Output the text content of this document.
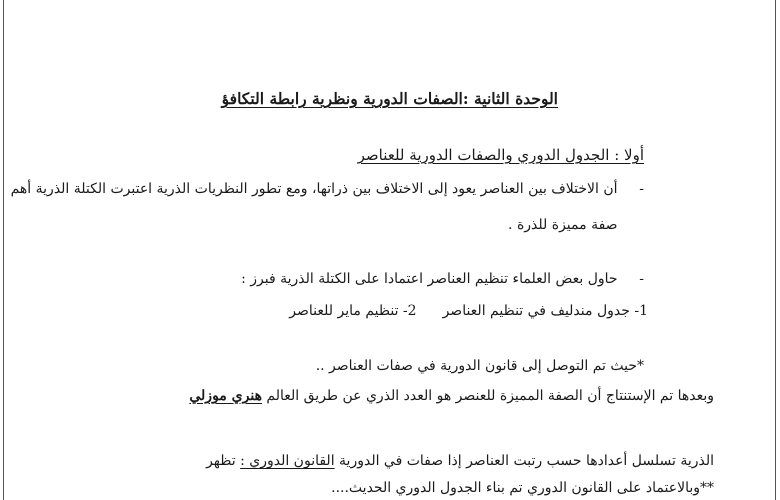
الوحدة الثانية :الصفات الدورية ونظرية رابطة التكافؤ
أولا : الجدول الدوري والصفات الدورية للعناصر
- أن الاختلاف بين العناصر يعود إلى الاختلاف بين ذراتها، ومع تطور النظريات الذرية اعتبرت الكتلة الذرية أهم
صفة مميزة للذرة .
- حاول بعض العلماء تنظيم العناصر اعتمادا على الكتلة الذرية فبرز :
1- جدول مندليف في تنظيم العناصر2- تنظيم ماير للعناصر
*حيث تم التوصل إلى قانون الدورية في صفات العناصر ..
وبعدها تم الإستنتاج أن الصفة المميزة للعنصر هو العدد الذري عن طريق العالم هنري موزلي
الذرية تسلسل أعدادها حسب رتبت العناصر إذا صفات في الدورية القانون الدوري : تظهر
**وبالاعتماد على القانون الدوري تم بناء الجدول الدوري الحديث....
